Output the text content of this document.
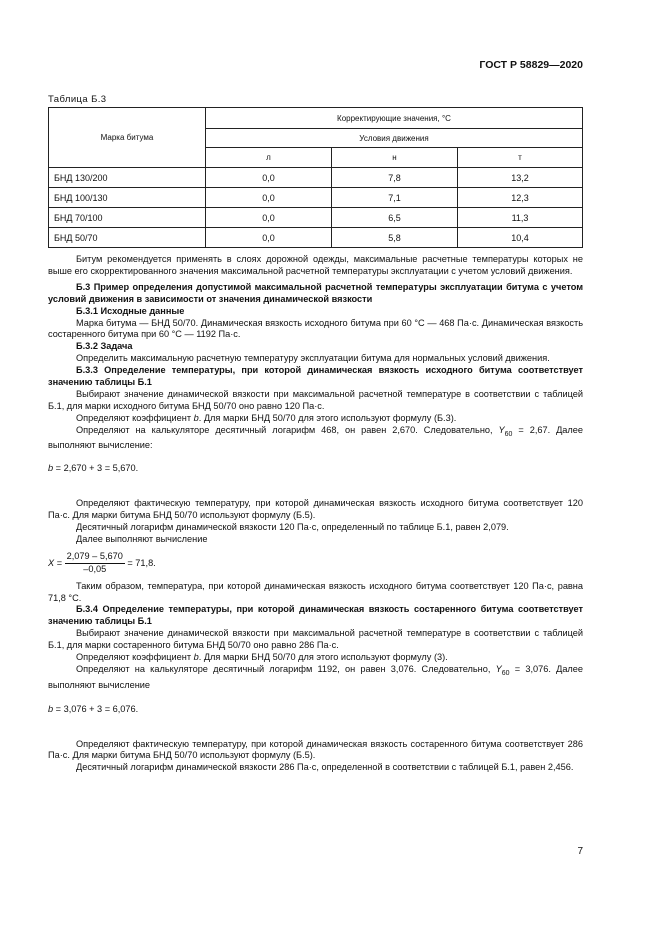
ГОСТ Р 58829—2020
Таблица Б.3
Марка битума	Корректирующие значения, °С		
	Условия движения		
	л	н	т
БНД 130/200	0,0	7,8	13,2
БНД 100/130	0,0	7,1	12,3
БНД 70/100	0,0	6,5	11,3
БНД 50/70	0,0	5,8	10,4

Битум рекомендуется применять в слоях дорожной одежды, максимальные расчетные температуры которых не выше его скорректированного значения максимальной расчетной температуры эксплуатации с учетом условий движения.

Б.3 Пример определения допустимой максимальной расчетной температуры эксплуатации битума с учетом условий движения в зависимости от значения динамической вязкости

Б.3.1 Исходные данные

Марка битума — БНД 50/70. Динамическая вязкость исходного битума при 60 °С — 468 Па·с. Динамическая вязкость состаренного битума при 60 °С — 1192 Па·с.

Б.3.2 Задача

Определить максимальную расчетную температуру эксплуатации битума для нормальных условий движения.

Б.3.3 Определение температуры, при которой динамическая вязкость исходного битума соответствует значению таблицы Б.1

Выбирают значение динамической вязкости при максимальной расчетной температуре в соответствии с таблицей Б.1, для марки исходного битума БНД 50/70 оно равно 120 Па·с.

Определяют коэффициент b. Для марки БНД 50/70 для этого используют формулу (Б.3).

Определяют на калькуляторе десятичный логарифм 468, он равен 2,670. Следовательно, $Y_{60} = 2,67$. Далее выполняют вычисление:

b = 2,670 + 3 = 5,670.

Определяют фактическую температуру, при которой динамическая вязкость исходного битума соответствует 120 Па·с. Для марки битума БНД 50/70 используют формулу (Б.5).

Десятичный логарифм динамической вязкости 120 Па·с, определенный по таблице Б.1, равен 2,079.

Далее выполняют вычисление

$X = \frac{2,079 - 5,670}{-0,05} = 71,8$.

Таким образом, температура, при которой динамическая вязкость исходного битума соответствует 120 Па·с, равна 71,8 °С.

Б.3.4 Определение температуры, при которой динамическая вязкость состаренного битума соответствует значению таблицы Б.1

Выбирают значение динамической вязкости при максимальной расчетной температуре в соответствии с таблицей Б.1, для марки состаренного битума БНД 50/70 оно равно 286 Па·с.

Определяют коэффициент b. Для марки БНД 50/70 для этого используют формулу (3).

Определяют на калькуляторе десятичный логарифм 1192, он равен 3,076. Следовательно, $Y_{60} = 3,076$. Далее выполняют вычисление

b = 3,076 + 3 = 6,076.

Определяют фактическую температуру, при которой динамическая вязкость состаренного битума соответствует 286 Па·с. Для марки битума БНД 50/70 используют формулу (Б.5).

Десятичный логарифм динамической вязкости 286 Па·с, определенной в соответствии с таблицей Б.1, равен 2,456.

7
